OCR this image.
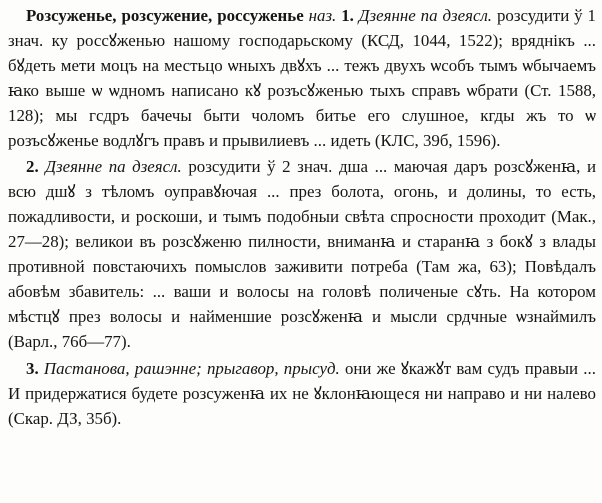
Розсуженье, розсужение, россуженье наз. 1. Дзеянне па дзеясл. розсудити ў 1 знач. ку россꙋженью нашому господарьскому (КСД, 1044, 1522); вряднікъ ... бꙋдеть мети моцъ на местьцо ѡныхъ двꙋхъ ... тежъ двухъ ѡсобъ тымъ ѡбычаемъ ꙗко выше ѡ ѡдномъ написано кꙋ розъсꙋженью тыхъ справъ ѡбрати (Ст. 1588, 128); мы гсдръ бачечы быти чоломъ битье его слушное, кгды жъ то ѡ розъсꙋженье водлꙋгъ правъ и прывилиевъ ... идеть (КЛС, 39б, 1596).

2. Дзеянне па дзеясл. розсудити ў 2 знач. дша ... маючая даръ розсꙋженꙗ, и всю дшꙋ з тѣломъ оуправꙋючая ... през болота, огонь, и долины, то есть, пожадливости, и роскоши, и тымъ подобныи свѣта спросности проходит (Мак., 27—28); великои въ розсꙋженю пилности, вниманꙗ и старанꙗ з бокꙋ з влады противной повстаючихъ помыслов заживити потреба (Там жа, 63); Повѣдалъ абовѣм збавитель: ... ваши и волосы на головѣ поличеные сꙋть. На котором мѣстцꙋ през волосы и найменшие розсꙋженꙗ и мысли срдчные ѡзнаймилъ (Варл., 76б—77).

3. Пастанова, рашэнне; прыгавор, прысуд. они же ꙋкажꙋт вам судъ правыи ... И придержатися будете розсуженꙗ их не ꙋклонꙗющеся ни направо и ни налево (Скар. ДЗ, 35б).
